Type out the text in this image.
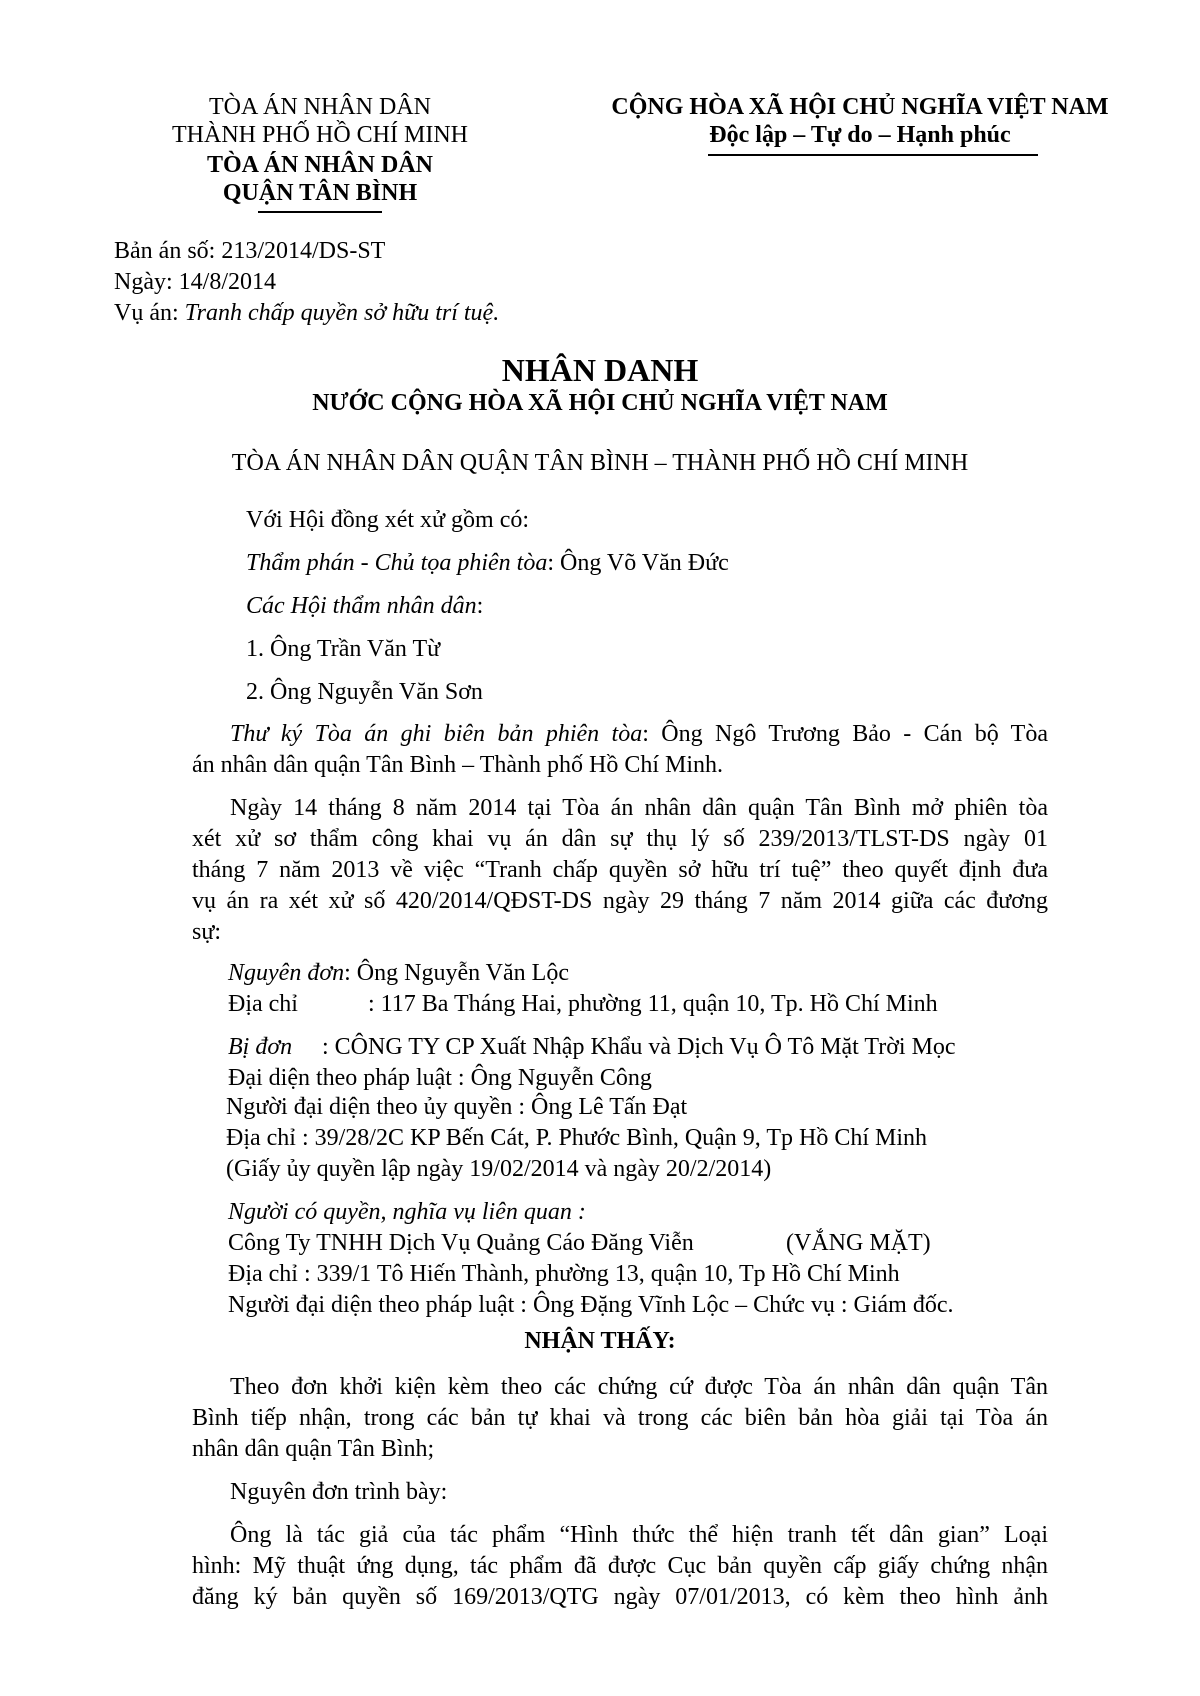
TÒA ÁN NHÂN DÂN
THÀNH PHỐ HỒ CHÍ MINH
TÒA ÁN NHÂN DÂN
QUẬN TÂN BÌNH
CỘNG HÒA XÃ HỘI CHỦ NGHĨA VIỆT NAM
Độc lập – Tự do – Hạnh phúc
Bản án số: 213/2014/DS-ST
Ngày: 14/8/2014
Vụ án: Tranh chấp quyền sở hữu trí tuệ.
NHÂN DANH
NƯỚC CỘNG HÒA XÃ HỘI CHỦ NGHĨA VIỆT NAM
TÒA ÁN NHÂN DÂN QUẬN TÂN BÌNH – THÀNH PHỐ HỒ CHÍ MINH
Với Hội đồng xét xử gồm có:
Thẩm phán - Chủ tọa phiên tòa: Ông Võ Văn Đức
Các Hội thẩm nhân dân:
1. Ông Trần Văn Từ
2. Ông Nguyễn Văn Sơn
Thư ký Tòa án ghi biên bản phiên tòa: Ông Ngô Trương Bảo - Cán bộ Tòa
án nhân dân quận Tân Bình – Thành phố Hồ Chí Minh.
Ngày 14 tháng 8 năm 2014 tại Tòa án nhân dân quận Tân Bình mở phiên tòa
xét xử sơ thẩm công khai vụ án dân sự thụ lý số 239/2013/TLST-DS ngày 01
tháng 7 năm 2013 về việc “Tranh chấp quyền sở hữu trí tuệ” theo quyết định đưa
vụ án ra xét xử số 420/2014/QĐST-DS ngày 29 tháng 7 năm 2014 giữa các đương
sự:
Nguyên đơn: Ông Nguyễn Văn Lộc
Địa chỉ	: 117 Ba Tháng Hai, phường 11, quận 10, Tp. Hồ Chí Minh
Bị đơn : CÔNG TY CP Xuất Nhập Khẩu và Dịch Vụ Ô Tô Mặt Trời Mọc
Đại diện theo pháp luật : Ông Nguyễn Công
Người đại diện theo ủy quyền : Ông Lê Tấn Đạt
Địa chỉ : 39/28/2C KP Bến Cát, P. Phước Bình, Quận 9, Tp Hồ Chí Minh
(Giấy ủy quyền lập ngày 19/02/2014 và ngày 20/2/2014)
Người có quyền, nghĩa vụ liên quan :
Công Ty TNHH Dịch Vụ Quảng Cáo Đăng Viễn	(VẮNG MẶT)
Địa chỉ : 339/1 Tô Hiến Thành, phường 13, quận 10, Tp Hồ Chí Minh
Người đại diện theo pháp luật : Ông Đặng Vĩnh Lộc – Chức vụ : Giám đốc.
NHẬN THẤY:
Theo đơn khởi kiện kèm theo các chứng cứ được Tòa án nhân dân quận Tân
Bình tiếp nhận, trong các bản tự khai và trong các biên bản hòa giải tại Tòa án
nhân dân quận Tân Bình;
Nguyên đơn trình bày:
Ông là tác giả của tác phẩm “Hình thức thể hiện tranh tết dân gian” Loại
hình: Mỹ thuật ứng dụng, tác phẩm đã được Cục bản quyền cấp giấy chứng nhận
đăng ký bản quyền số 169/2013/QTG ngày 07/01/2013, có kèm theo hình ảnh
